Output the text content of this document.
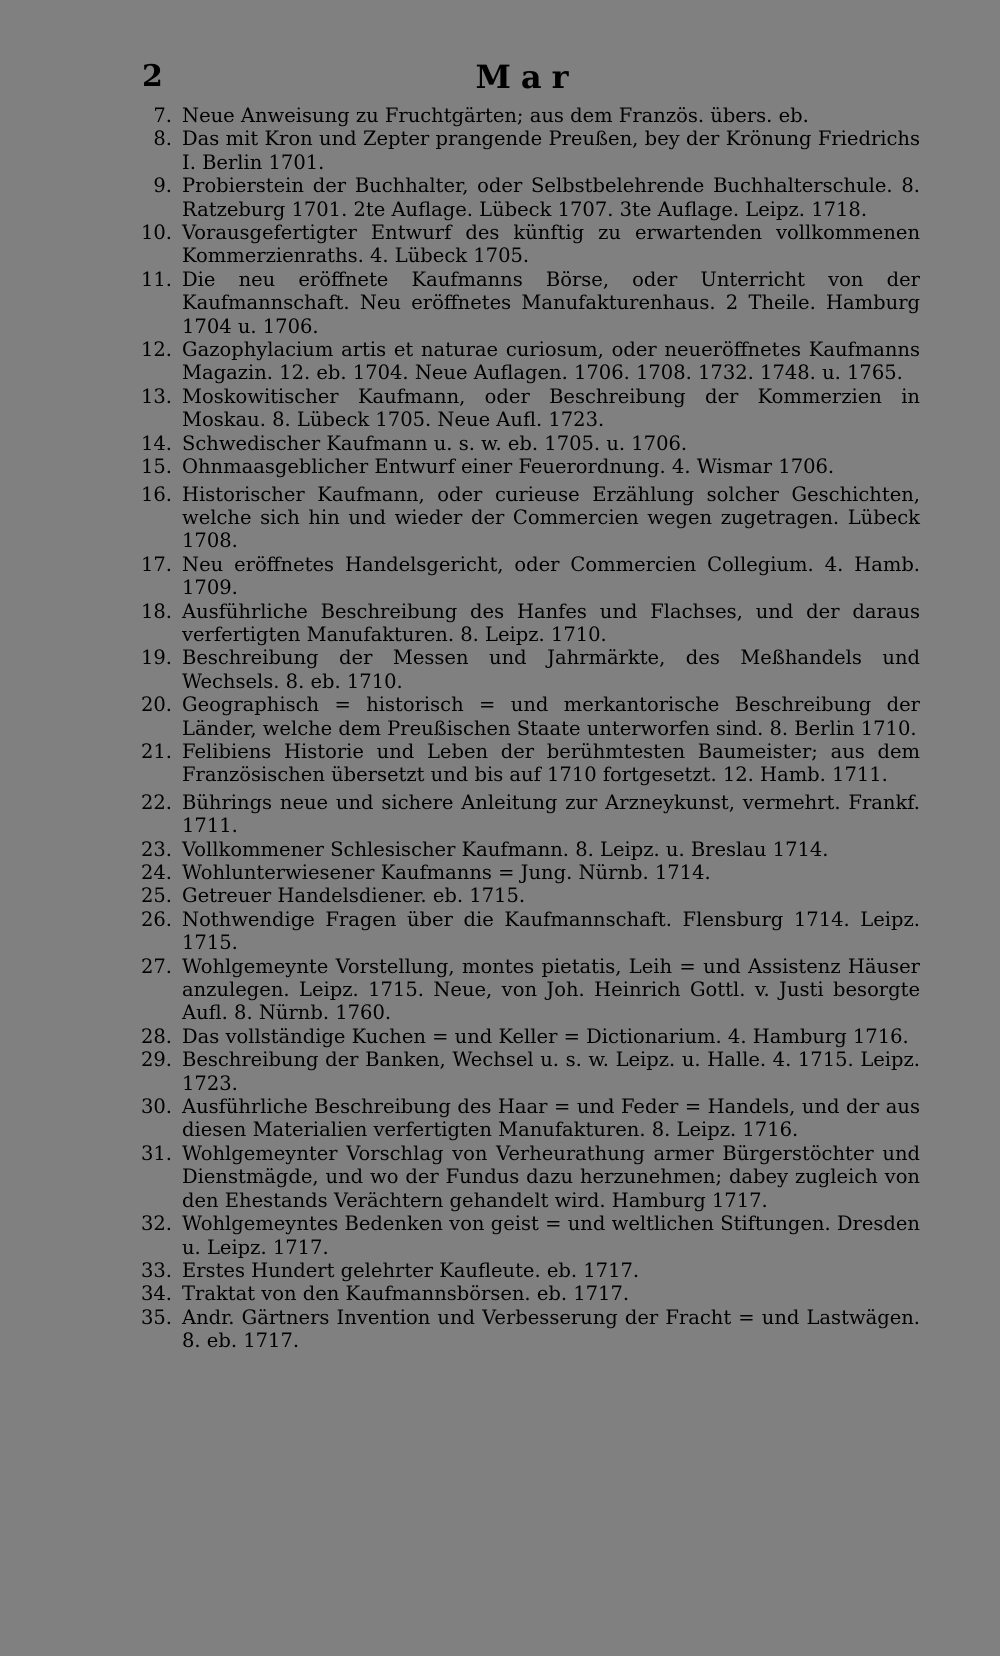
2	Mar
7. Neue Anweisung zu Fruchtgärten; aus dem Französ. übers. eb.
8. Das mit Kron und Zepter prangende Preußen, bey der Krönung Friedrichs I. Berlin 1701.
9. Probierstein der Buchhalter, oder Selbstbelehrende Buchhalterschule. 8. Ratzeburg 1701. 2te Auflage. Lübeck 1707. 3te Auflage. Leipz. 1718.
10. Vorausgefertigter Entwurf des künftig zu erwartenden vollkommenen Kommerzienraths. 4. Lübeck 1705.
11. Die neu eröffnete Kaufmanns Börse, oder Unterricht von der Kaufmannschaft. Neu eröffnetes Manufakturenhaus. 2 Theile. Hamburg 1704 u. 1706.
12. Gazophylacium artis et naturae curiosum, oder neueröffnetes Kaufmanns Magazin. 12. eb. 1704. Neue Auflagen. 1706. 1708. 1732. 1748. u. 1765.
13. Moskowitischer Kaufmann, oder Beschreibung der Kommerzien in Moskau. 8. Lübeck 1705. Neue Aufl. 1723.
14. Schwedischer Kaufmann u. s. w. eb. 1705. u. 1706.
15. Ohnmaasgeblicher Entwurf einer Feuerordnung. 4. Wismar 1706.
16. Historischer Kaufmann, oder curieuse Erzählung solcher Geschichten, welche sich hin und wieder der Commercien wegen zugetragen. Lübeck 1708.
17. Neu eröffnetes Handelsgericht, oder Commercien Collegium. 4. Hamb. 1709.
18. Ausführliche Beschreibung des Hanfes und Flachses, und der daraus verfertigten Manufakturen. 8. Leipz. 1710.
19. Beschreibung der Messen und Jahrmärkte, des Meßhandels und Wechsels. 8. eb. 1710.
20. Geographisch = historisch = und merkantorische Beschreibung der Länder, welche dem Preußischen Staate unterworfen sind. 8. Berlin 1710.
21. Felibiens Historie und Leben der berühmtesten Baumeister; aus dem Französischen übersetzt und bis auf 1710 fortgesetzt. 12. Hamb. 1711.
22. Bührings neue und sichere Anleitung zur Arzneykunst, vermehrt. Frankf. 1711.
23. Vollkommener Schlesischer Kaufmann. 8. Leipz. u. Breslau 1714.
24. Wohlunterwiesener Kaufmanns = Jung. Nürnb. 1714.
25. Getreuer Handelsdiener. eb. 1715.
26. Nothwendige Fragen über die Kaufmannschaft. Flensburg 1714. Leipz. 1715.
27. Wohlgemeynte Vorstellung, montes pietatis, Leih = und Assistenz Häuser anzulegen. Leipz. 1715. Neue, von Joh. Heinrich Gottl. v. Justi besorgte Aufl. 8. Nürnb. 1760.
28. Das vollständige Kuchen = und Keller = Dictionarium. 4. Hamburg 1716.
29. Beschreibung der Banken, Wechsel u. s. w. Leipz. u. Halle. 4. 1715. Leipz. 1723.
30. Ausführliche Beschreibung des Haar = und Feder = Handels, und der aus diesen Materialien verfertigten Manufakturen. 8. Leipz. 1716.
31. Wohlgemeynter Vorschlag von Verheurathung armer Bürgerstöchter und Dienstmägde, und wo der Fundus dazu herzunehmen; dabey zugleich von den Ehestands Verächtern gehandelt wird. Hamburg 1717.
32. Wohlgemeyntes Bedenken von geist = und weltlichen Stiftungen. Dresden u. Leipz. 1717.
33. Erstes Hundert gelehrter Kaufleute. eb. 1717.
34. Traktat von den Kaufmannsbörsen. eb. 1717.
35. Andr. Gärtners Invention und Verbesserung der Fracht = und Lastwägen. 8. eb. 1717.
